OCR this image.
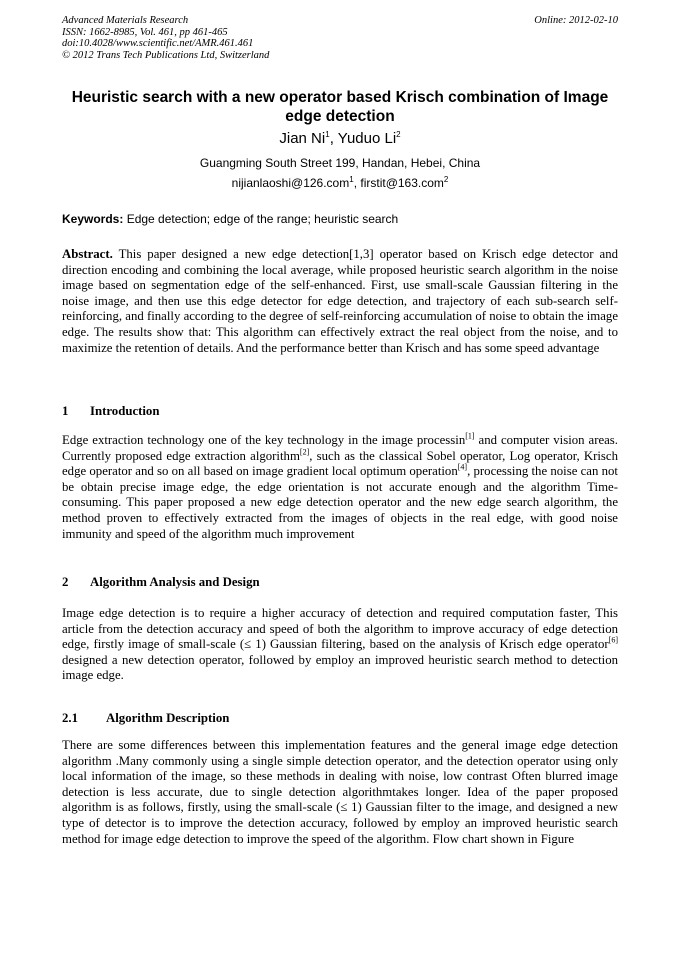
Advanced Materials Research
ISSN: 1662-8985, Vol. 461, pp 461-465
doi:10.4028/www.scientific.net/AMR.461.461
© 2012 Trans Tech Publications Ltd, Switzerland
Online: 2012-02-10
Heuristic search with a new operator based Krisch combination of Image edge detection
Jian Ni$^1$, Yuduo Li$^2$
Guangming South Street 199, Handan, Hebei, China
nijianlaoshi@126.com$^1$, firstit@163.com$^2$
Keywords: Edge detection; edge of the range; heuristic search
Abstract. This paper designed a new edge detection[1,3] operator based on Krisch edge detector and direction encoding and combining the local average, while proposed heuristic search algorithm in the noise image based on segmentation edge of the self-enhanced. First, use small-scale Gaussian filtering in the noise image, and then use this edge detector for edge detection, and trajectory of each sub-search self-reinforcing, and finally according to the degree of self-reinforcing accumulation of noise to obtain the image edge. The results show that: This algorithm can effectively extract the real object from the noise, and to maximize the retention of details. And the performance better than Krisch and has some speed advantage
1 Introduction
Edge extraction technology one of the key technology in the image processin[1] and computer vision areas. Currently proposed edge extraction algorithm[2], such as the classical Sobel operator, Log operator, Krisch edge operator and so on all based on image gradient local optimum operation[4], processing the noise can not be obtain precise image edge, the edge orientation is not accurate enough and the algorithm Time-consuming. This paper proposed a new edge detection operator and the new edge search algorithm, the method proven to effectively extracted from the images of objects in the real edge, with good noise immunity and speed of the algorithm much improvement
2 Algorithm Analysis and Design
Image edge detection is to require a higher accuracy of detection and required computation faster, This article from the detection accuracy and speed of both the algorithm to improve accuracy of edge detection edge, firstly image of small-scale (≤ 1) Gaussian filtering, based on the analysis of Krisch edge operator[6] designed a new detection operator, followed by employ an improved heuristic search method to detection image edge.
2.1 Algorithm Description
There are some differences between this implementation features and the general image edge detection algorithm .Many commonly using a single simple detection operator, and the detection operator using only local information of the image, so these methods in dealing with noise, low contrast Often blurred image detection is less accurate, due to single detection algorithmtakes longer. Idea of the paper proposed algorithm is as follows, firstly, using the small-scale (≤ 1) Gaussian filter to the image, and designed a new type of detector is to improve the detection accuracy, followed by employ an improved heuristic search method for image edge detection to improve the speed of the algorithm. Flow chart shown in Figure
